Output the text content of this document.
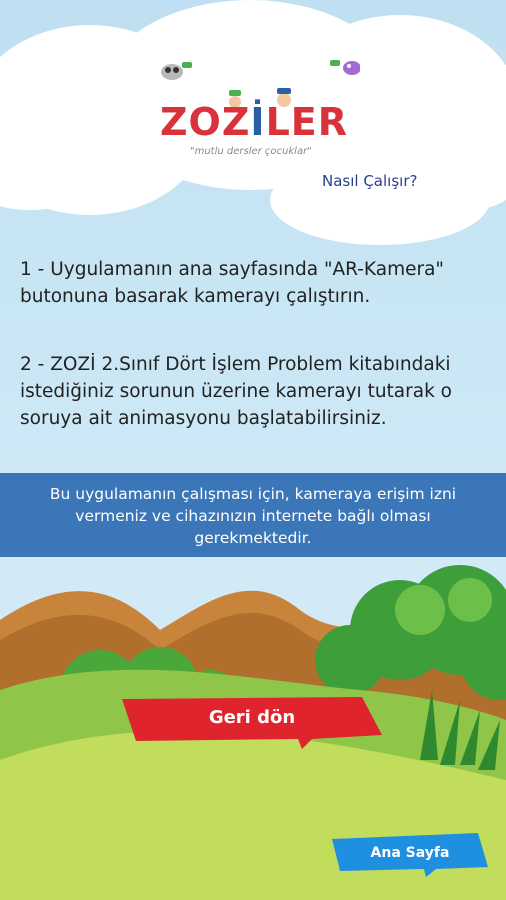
ZOZİLER
"mutlu dersler çocuklar"
Nasıl Çalışır?
1 - Uygulamanın ana sayfasında "AR-Kamera" butonuna basarak kamerayı çalıştırın.
2 - ZOZİ 2.Sınıf Dört İşlem Problem kitabındaki istediğiniz sorunun üzerine kamerayı tutarak o soruya ait animasyonu başlatabilirsiniz.
Bu uygulamanın çalışması için, kameraya erişim izni vermeniz ve cihazınızın internete bağlı olması gerekmektedir.
Geri dön
Ana Sayfa
